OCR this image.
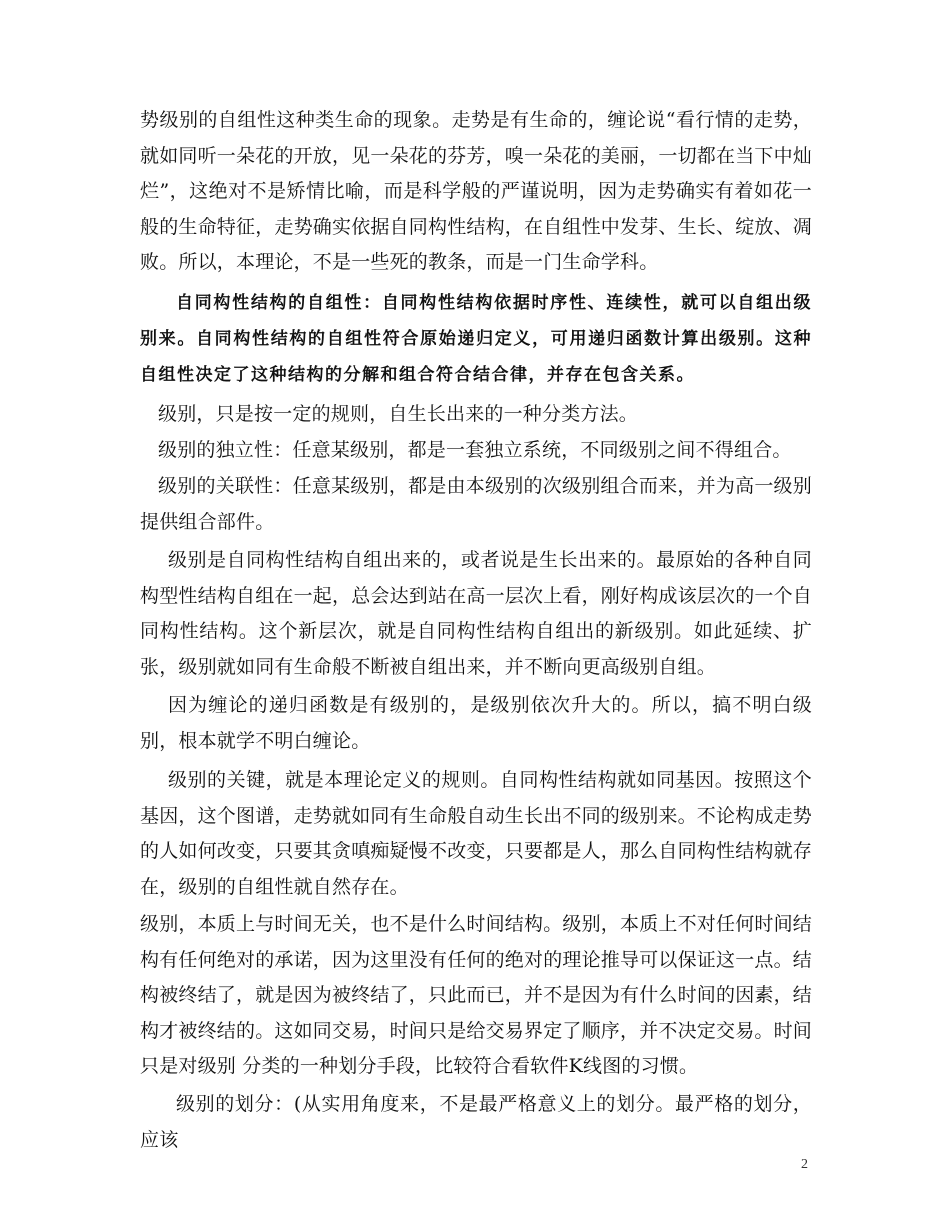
势级别的自组性这种类生命的现象。走势是有生命的，缠论说“看行情的走势， 就如同听一朵花的开放，见一朵花的芬芳，嗅一朵花的美丽，一切都在当下中灿烂”，这绝对不是矫情比喻，而是科学般的严谨说明，因为走势确实有着如花一般的生命特征，走势确实依据自同构性结构，在自组性中发芽、生长、绽放、凋败。所以，本理论，不是一些死的教条，而是一门生命学科。

自同构性结构的自组性：自同构性结构依据时序性、连续性，就可以自组出级别来。自同构性结构的自组性符合原始递归定义，可用递归函数计算出级别。这种自组性决定了这种结构的分解和组合符合结合律，并存在包含关系。

级别，只是按一定的规则，自生长出来的一种分类方法。

级别的独立性：任意某级别，都是一套独立系统，不同级别之间不得组合。

级别的关联性：任意某级别，都是由本级别的次级别组合而来，并为高一级别提供组合部件。

级别是自同构性结构自组出来的，或者说是生长出来的。最原始的各种自同构型性结构自组在一起，总会达到站在高一层次上看，刚好构成该层次的一个自同构性结构。这个新层次，就是自同构性结构自组出的新级别。如此延续、扩张，级别就如同有生命般不断被自组出来，并不断向更高级别自组。

因为缠论的递归函数是有级别的，是级别依次升大的。所以，搞不明白级别，根本就学不明白缠论。

级别的关键，就是本理论定义的规则。自同构性结构就如同基因。按照这个基因，这个图谱，走势就如同有生命般自动生长出不同的级别来。不论构成走势的人如何改变，只要其贪嗔痴疑慢不改变，只要都是人，那么自同构性结构就存在，级别的自组性就自然存在。

级别，本质上与时间无关，也不是什么时间结构。级别，本质上不对任何时间结构有任何绝对的承诺，因为这里没有任何的绝对的理论推导可以保证这一点。结构被终结了，就是因为被终结了，只此而已，并不是因为有什么时间的因素，结构才被终结的。这如同交易，时间只是给交易界定了顺序，并不决定交易。时间只是对级别 分类的一种划分手段，比较符合看软件K线图的习惯。

级别的划分：(从实用角度来，不是最严格意义上的划分。最严格的划分，应该

2
